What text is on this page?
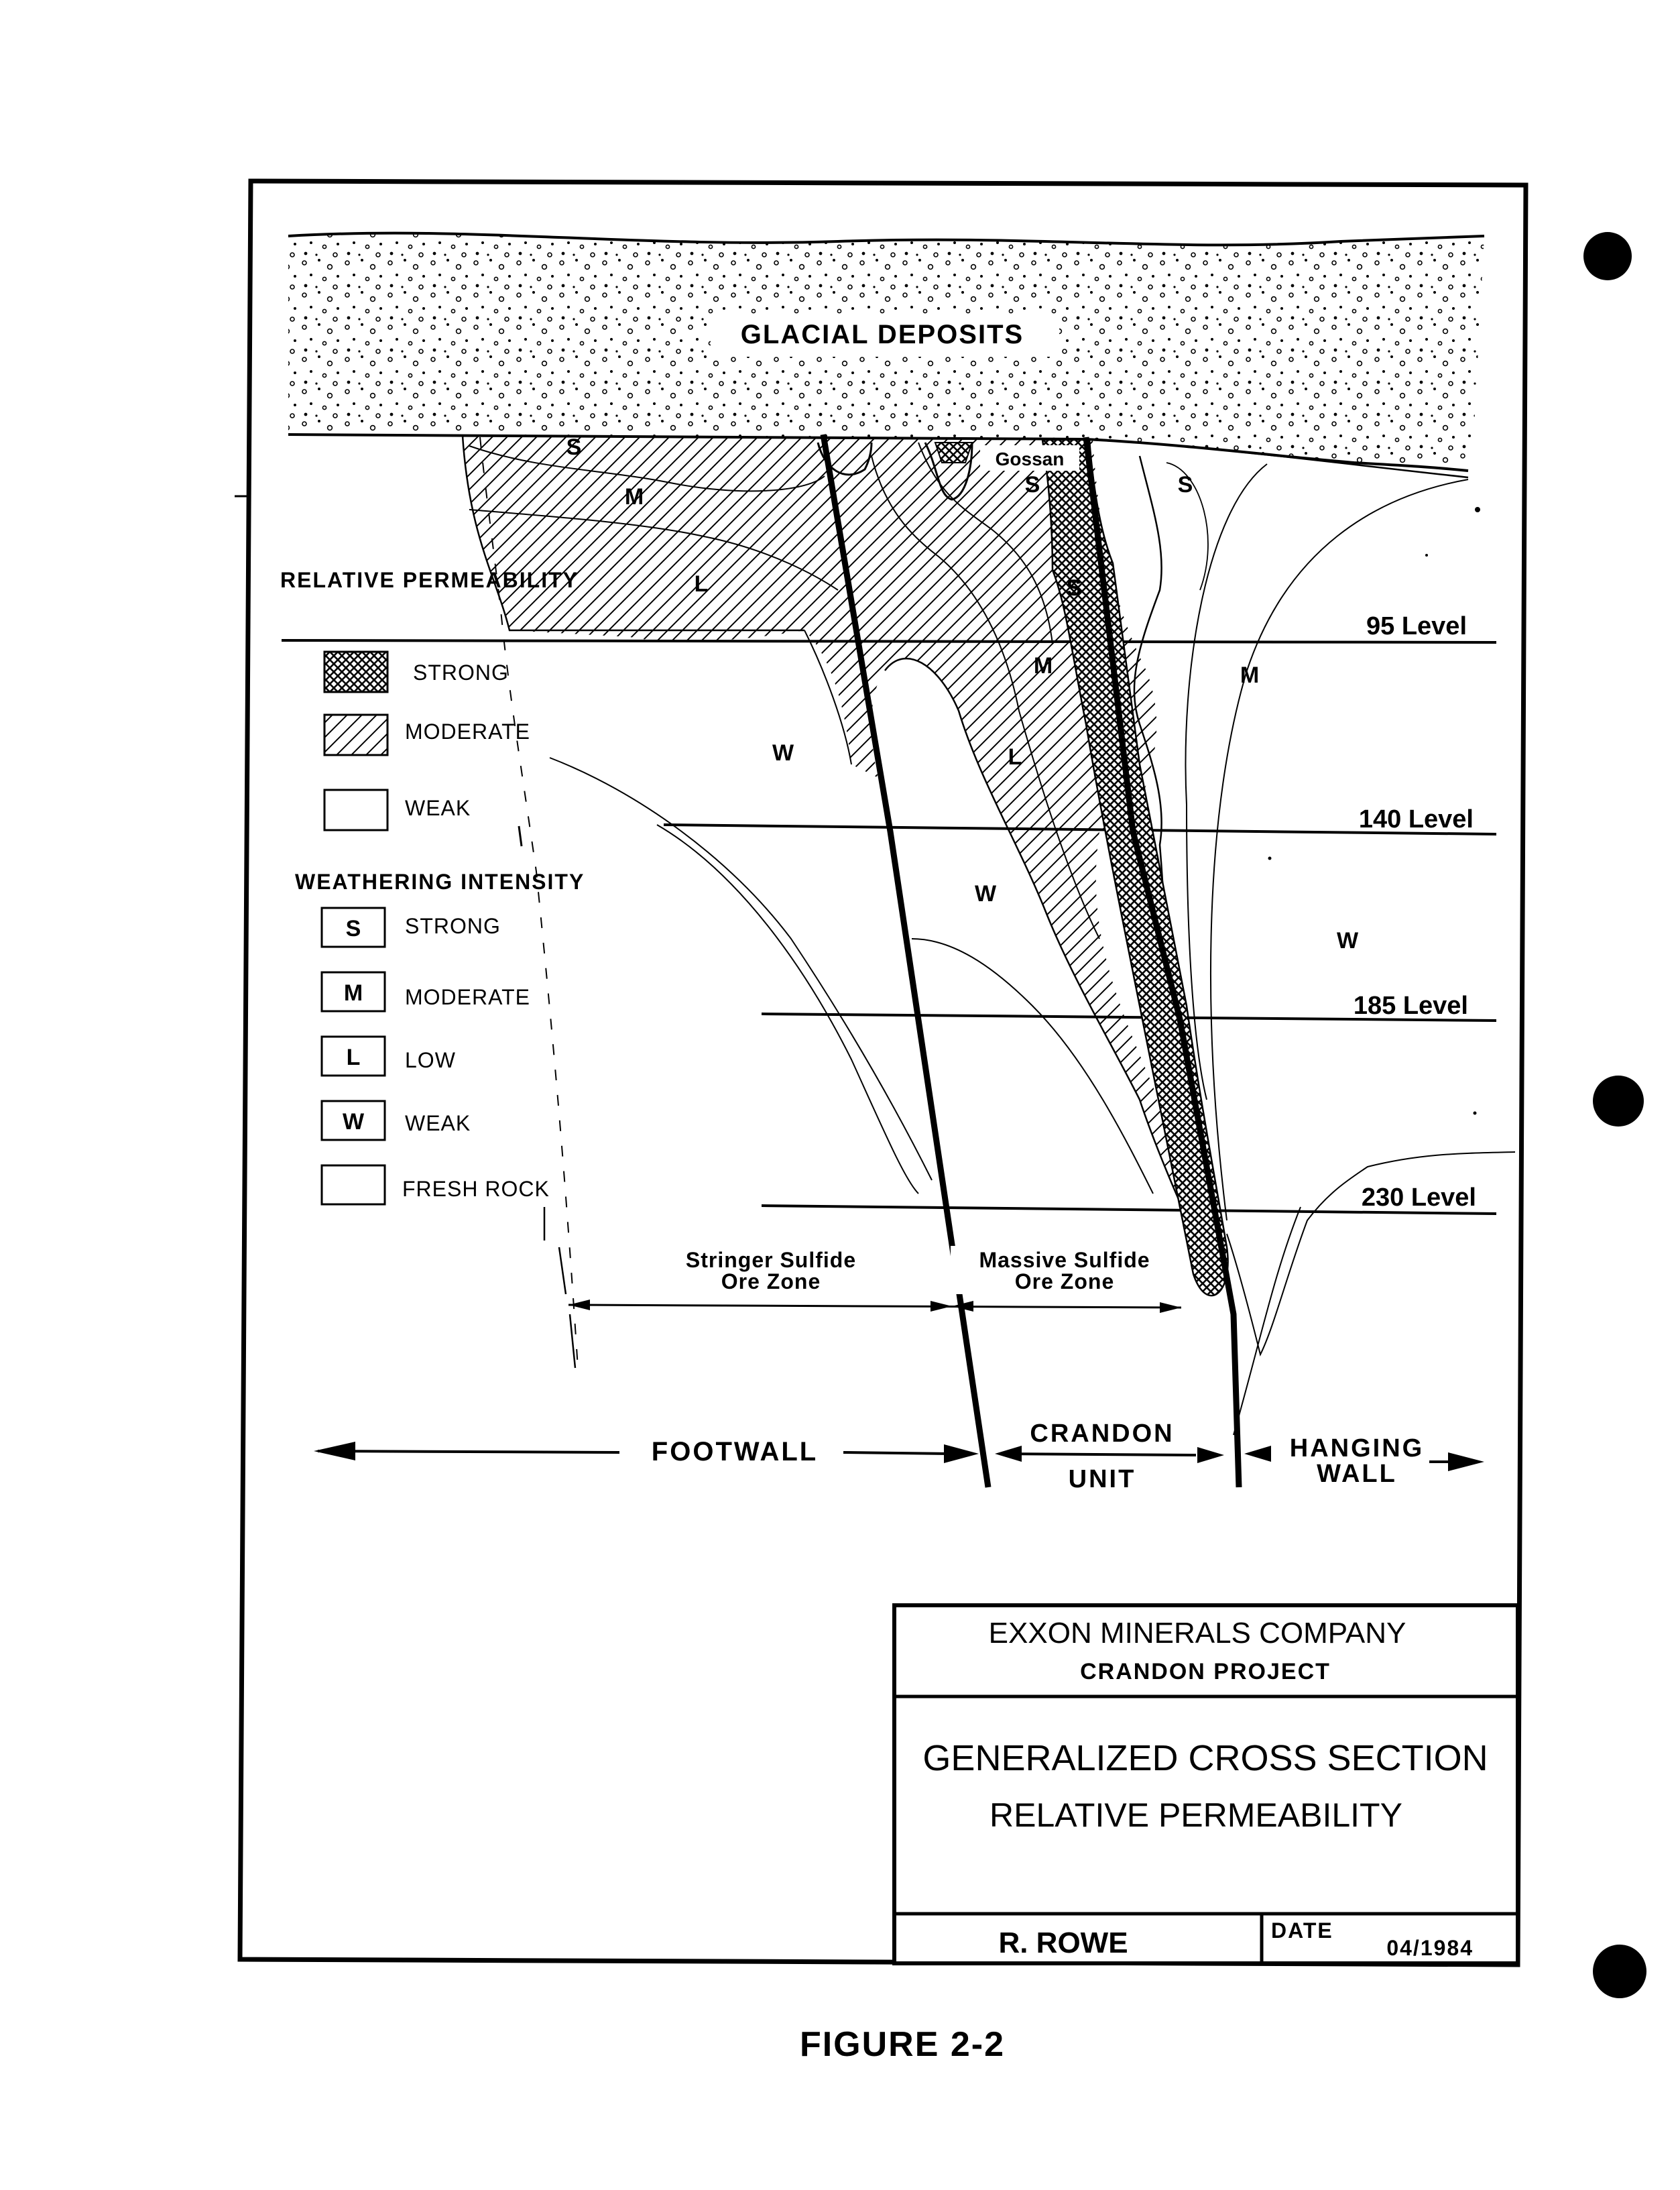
GLACIAL DEPOSITS
S
M
L
S	S
S
M	M
W	L
W
W
Gossan
95 Level
140 Level
185 Level
230 Level
RELATIVE PERMEABILITY
STRONG
MODERATE
WEAK
WEATHERING INTENSITY
S STRONG
M MODERATE
L LOW
W WEAK
FRESH ROCK
Stringer Sulfide
Ore Zone
Massive Sulfide
Ore Zone
FOOTWALL
CRANDON
UNIT
HANGING
WALL
EXXON MINERALS COMPANY
CRANDON PROJECT
GENERALIZED CROSS SECTION
RELATIVE PERMEABILITY
R. ROWE	DATE
04/1984
FIGURE 2-2
